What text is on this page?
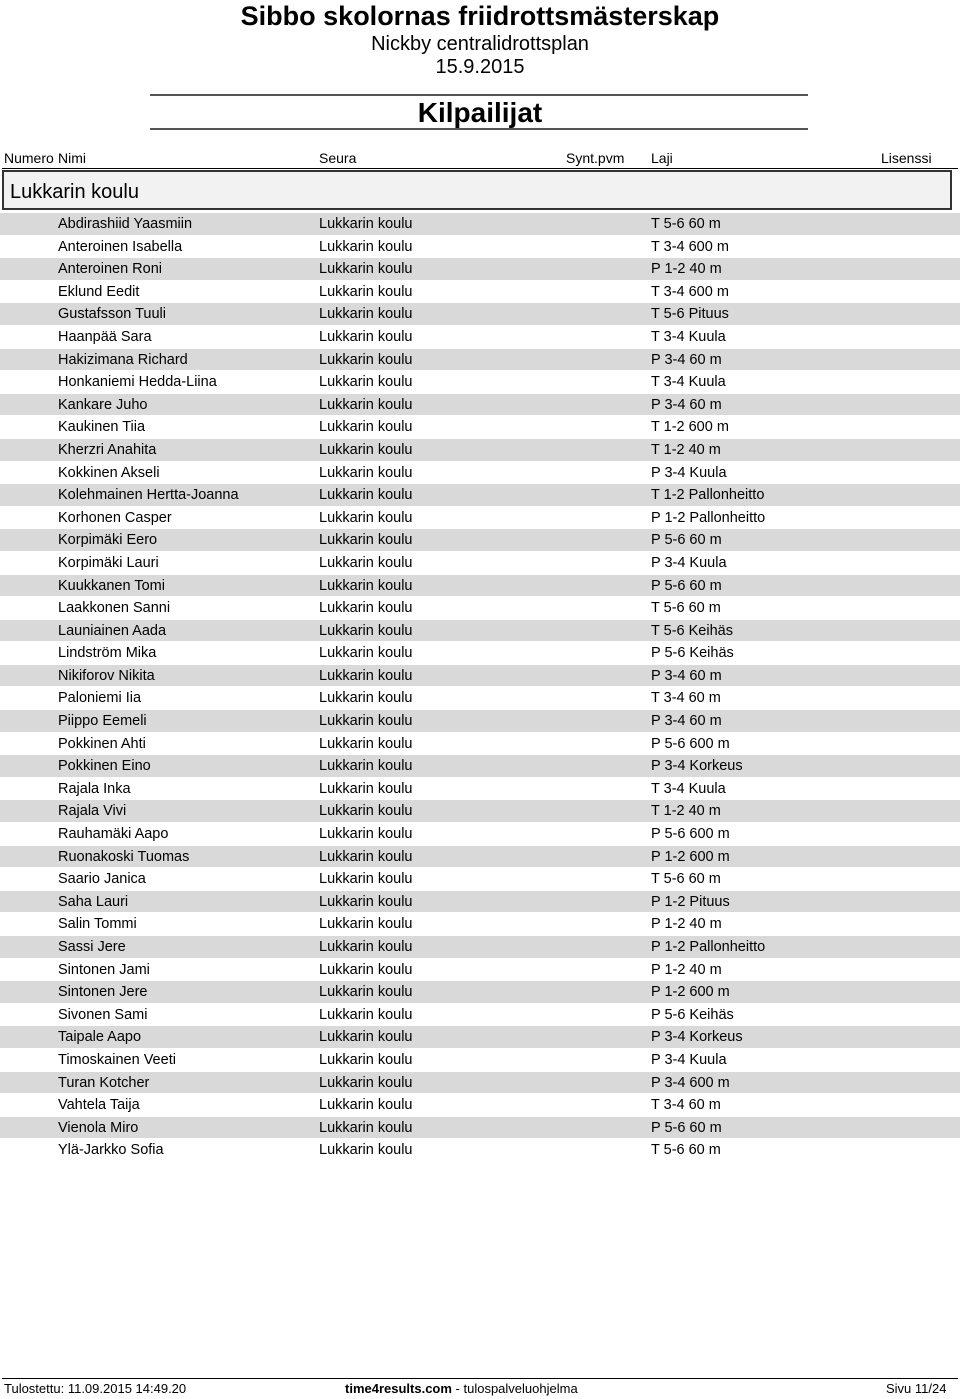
Sibbo skolornas friidrottsmästerskap
Nickby centralidrottsplan
15.9.2015
Kilpailijat
Numero Nimi	Seura	Synt.pvm Laji	Lisenssi
Lukkarin koulu
Abdirashiid Yaasmiin	Lukkarin koulu	T 5-6 60 m
Anteroinen Isabella	Lukkarin koulu	T 3-4 600 m
Anteroinen Roni	Lukkarin koulu	P 1-2 40 m
Eklund Eedit	Lukkarin koulu	T 3-4 600 m
Gustafsson Tuuli	Lukkarin koulu	T 5-6 Pituus
Haanpää Sara	Lukkarin koulu	T 3-4 Kuula
Hakizimana Richard	Lukkarin koulu	P 3-4 60 m
Honkaniemi Hedda-Liina	Lukkarin koulu	T 3-4 Kuula
Kankare Juho	Lukkarin koulu	P 3-4 60 m
Kaukinen Tiia	Lukkarin koulu	T 1-2 600 m
Kherzri Anahita	Lukkarin koulu	T 1-2 40 m
Kokkinen Akseli	Lukkarin koulu	P 3-4 Kuula
Kolehmainen Hertta-Joanna	Lukkarin koulu	T 1-2 Pallonheitto
Korhonen Casper	Lukkarin koulu	P 1-2 Pallonheitto
Korpimäki Eero	Lukkarin koulu	P 5-6 60 m
Korpimäki Lauri	Lukkarin koulu	P 3-4 Kuula
Kuukkanen Tomi	Lukkarin koulu	P 5-6 60 m
Laakkonen Sanni	Lukkarin koulu	T 5-6 60 m
Launiainen Aada	Lukkarin koulu	T 5-6 Keihäs
Lindström Mika	Lukkarin koulu	P 5-6 Keihäs
Nikiforov Nikita	Lukkarin koulu	P 3-4 60 m
Paloniemi Iia	Lukkarin koulu	T 3-4 60 m
Piippo Eemeli	Lukkarin koulu	P 3-4 60 m
Pokkinen Ahti	Lukkarin koulu	P 5-6 600 m
Pokkinen Eino	Lukkarin koulu	P 3-4 Korkeus
Rajala Inka	Lukkarin koulu	T 3-4 Kuula
Rajala Vivi	Lukkarin koulu	T 1-2 40 m
Rauhamäki Aapo	Lukkarin koulu	P 5-6 600 m
Ruonakoski Tuomas	Lukkarin koulu	P 1-2 600 m
Saario Janica	Lukkarin koulu	T 5-6 60 m
Saha Lauri	Lukkarin koulu	P 1-2 Pituus
Salin Tommi	Lukkarin koulu	P 1-2 40 m
Sassi Jere	Lukkarin koulu	P 1-2 Pallonheitto
Sintonen Jami	Lukkarin koulu	P 1-2 40 m
Sintonen Jere	Lukkarin koulu	P 1-2 600 m
Sivonen Sami	Lukkarin koulu	P 5-6 Keihäs
Taipale Aapo	Lukkarin koulu	P 3-4 Korkeus
Timoskainen Veeti	Lukkarin koulu	P 3-4 Kuula
Turan Kotcher	Lukkarin koulu	P 3-4 600 m
Vahtela Taija	Lukkarin koulu	T 3-4 60 m
Vienola Miro	Lukkarin koulu	P 5-6 60 m
Ylä-Jarkko Sofia	Lukkarin koulu	T 5-6 60 m
Tulostettu: 11.09.2015 14:49.20	time4results.com - tulospalveluohjelma	Sivu 11/24
